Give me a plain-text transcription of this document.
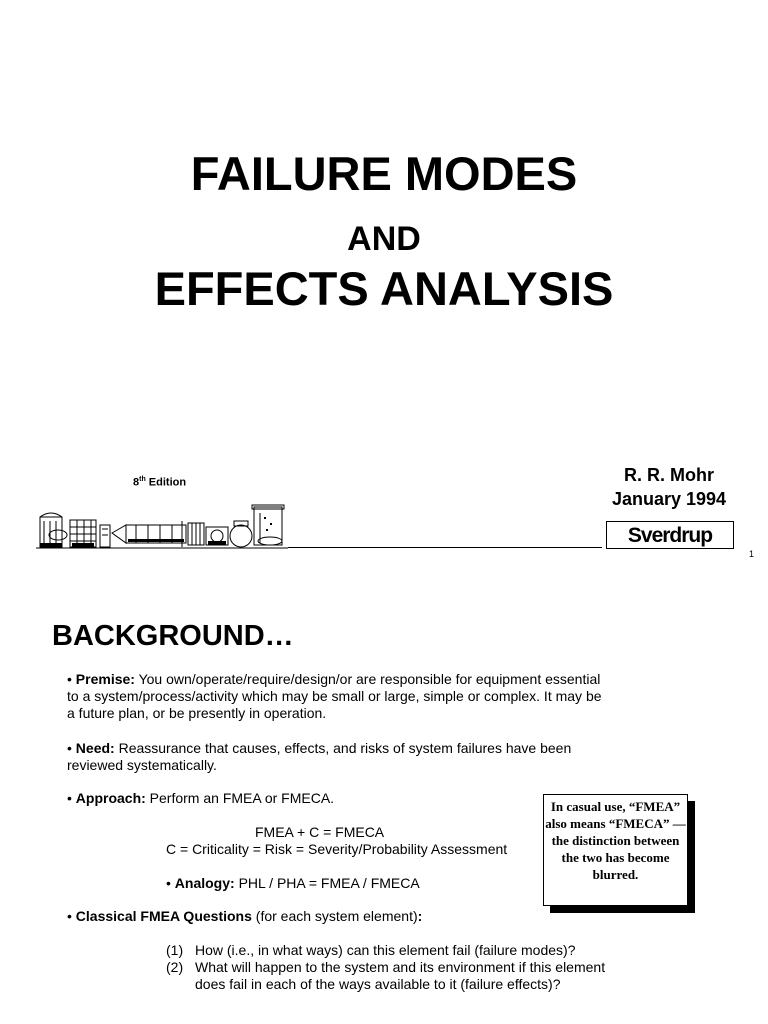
FAILURE MODES
AND
EFFECTS ANALYSIS
8th Edition	R. R. Mohr
January 1994
Sverdrup
1
BACKGROUND…
• Premise: You own/operate/require/design/or are responsible for equipment essential to a system/process/activity which may be small or large, simple or complex. It may be a future plan, or be presently in operation.
• Need: Reassurance that causes, effects, and risks of system failures have been reviewed systematically.
• Approach: Perform an FMEA or FMECA.
FMEA + C = FMECA
C = Criticality = Risk = Severity/Probability Assessment
• Analogy: PHL / PHA = FMEA / FMECA
• Classical FMEA Questions (for each system element):
(1) How (i.e., in what ways) can this element fail (failure modes)?
(2) What will happen to the system and its environment if this element does fail in each of the ways available to it (failure effects)?
In casual use, “FMEA” also means “FMECA” — the distinction between the two has become blurred.
